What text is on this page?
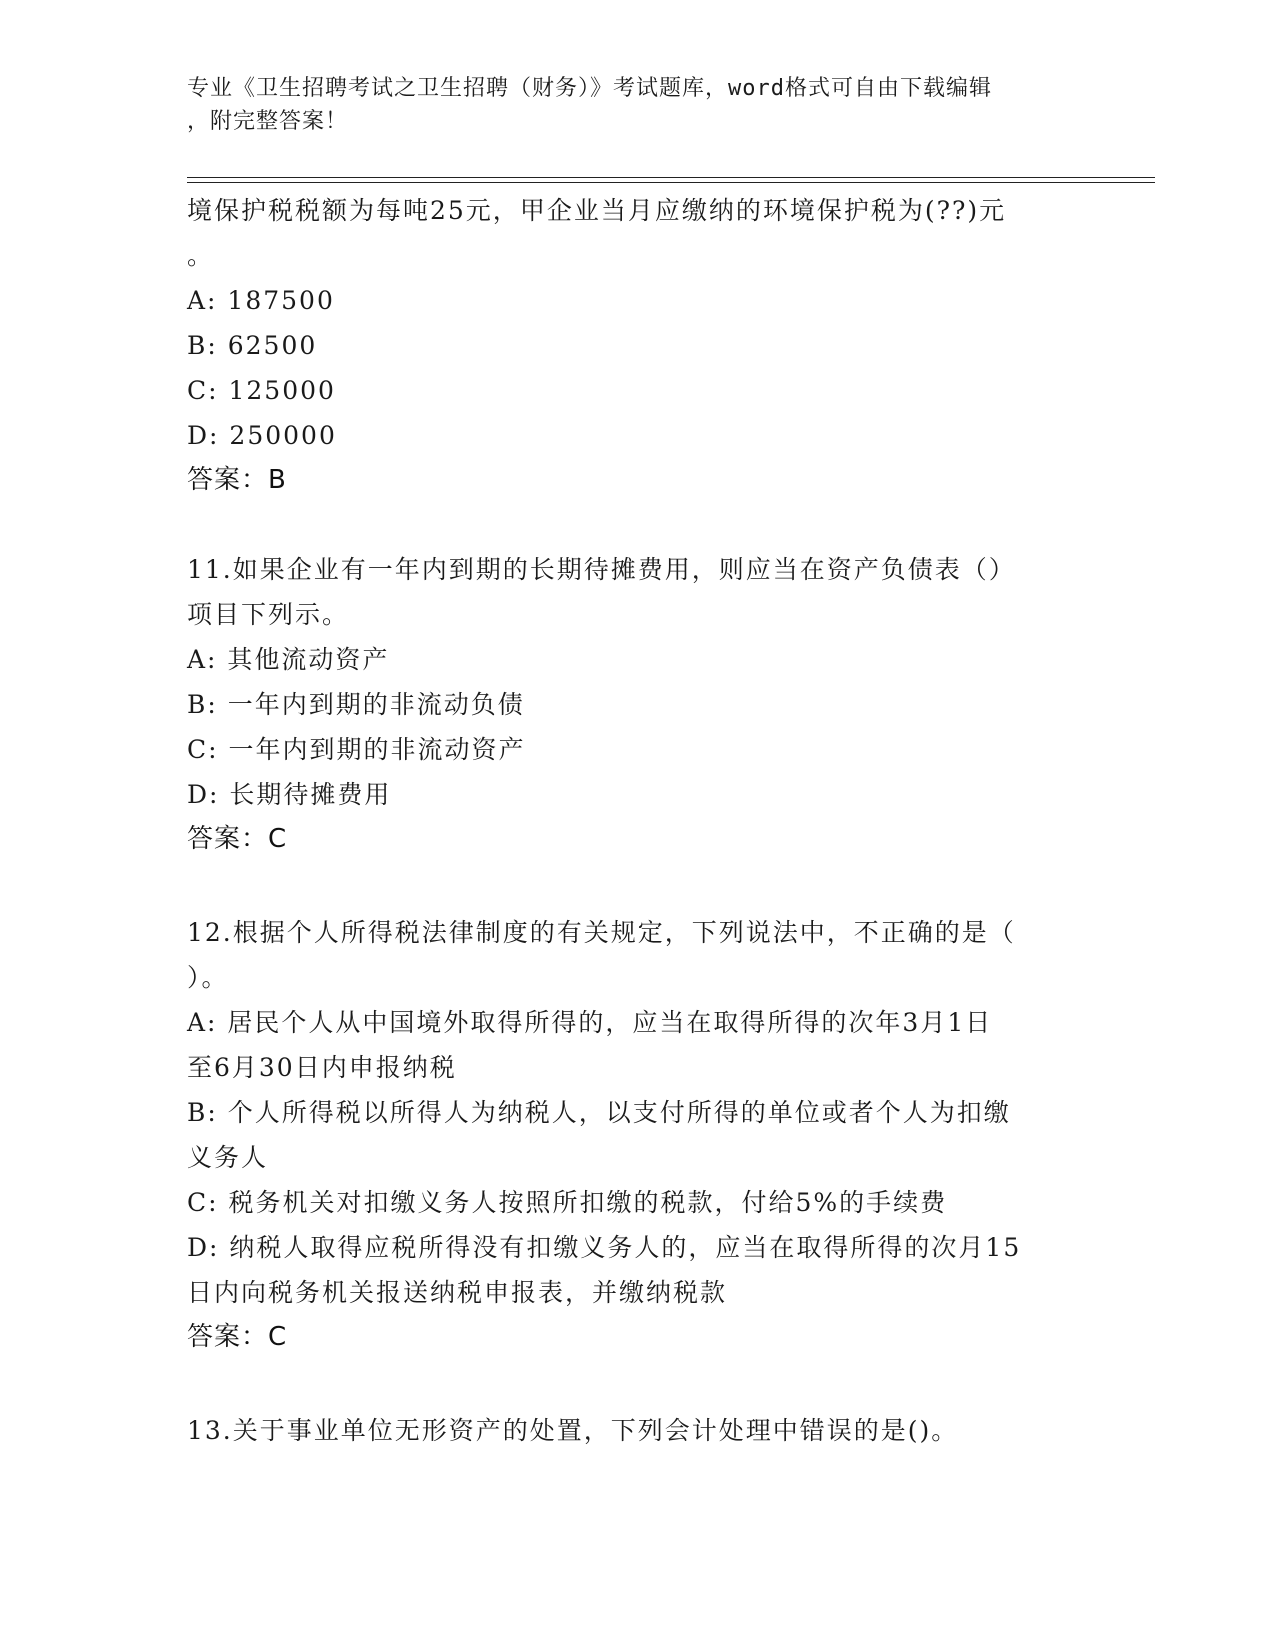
专业《卫生招聘考试之卫生招聘（财务）》考试题库，word格式可自由下载编辑
，附完整答案！
境保护税税额为每吨25元，甲企业当月应缴纳的环境保护税为(??)元
。
A: 187500
B: 62500
C: 125000
D: 250000
答案：B
11.如果企业有一年内到期的长期待摊费用，则应当在资产负债表（）
项目下列示。
A: 其他流动资产
B: 一年内到期的非流动负债
C: 一年内到期的非流动资产
D: 长期待摊费用
答案：C
12.根据个人所得税法律制度的有关规定，下列说法中，不正确的是（
）。
A: 居民个人从中国境外取得所得的，应当在取得所得的次年3月1日
至6月30日内申报纳税
B: 个人所得税以所得人为纳税人，以支付所得的单位或者个人为扣缴
义务人
C: 税务机关对扣缴义务人按照所扣缴的税款，付给5%的手续费
D: 纳税人取得应税所得没有扣缴义务人的，应当在取得所得的次月15
日内向税务机关报送纳税申报表，并缴纳税款
答案：C
13.关于事业单位无形资产的处置，下列会计处理中错误的是()。
